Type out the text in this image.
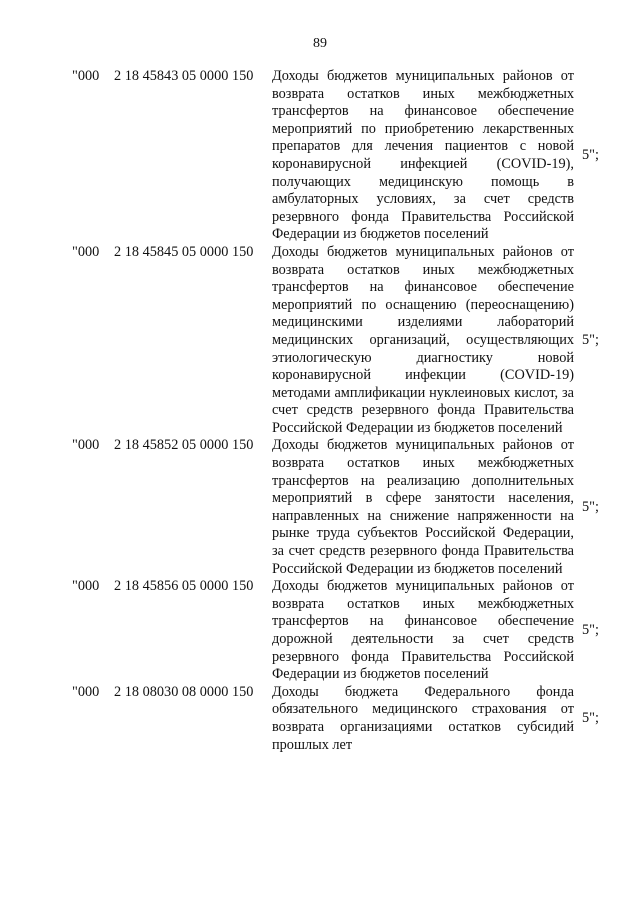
89
"000 2 18 45843 05 0000 150 Доходы бюджетов муниципальных районов от возврата остатков иных межбюджетных трансфертов на финансовое обеспечение мероприятий по приобретению лекарственных препаратов для лечения пациентов с новой коронавирусной инфекцией (COVID-19), получающих медицинскую помощь в амбулаторных условиях, за счет средств резервного фонда Правительства Российской Федерации из бюджетов поселений
5";
"000 2 18 45845 05 0000 150 Доходы бюджетов муниципальных районов от возврата остатков иных межбюджетных трансфертов на финансовое обеспечение мероприятий по оснащению (переоснащению) медицинскими изделиями лабораторий медицинских организаций, осуществляющих этиологическую диагностику новой коронавирусной инфекции (COVID-19) методами амплификации нуклеиновых кислот, за счет средств резервного фонда Правительства Российской Федерации из бюджетов поселений
5";
"000 2 18 45852 05 0000 150 Доходы бюджетов муниципальных районов от возврата остатков иных межбюджетных трансфертов на реализацию дополнительных мероприятий в сфере занятости населения, направленных на снижение напряженности на рынке труда субъектов Российской Федерации, за счет средств резервного фонда Правительства Российской Федерации из бюджетов поселений
5";
"000 2 18 45856 05 0000 150 Доходы бюджетов муниципальных районов от возврата остатков иных межбюджетных трансфертов на финансовое обеспечение дорожной деятельности за счет средств резервного фонда Правительства Российской Федерации из бюджетов поселений
5";
"000 2 18 08030 08 0000 150 Доходы бюджета Федерального фонда обязательного медицинского страхования от возврата организациями остатков субсидий прошлых лет
5";
